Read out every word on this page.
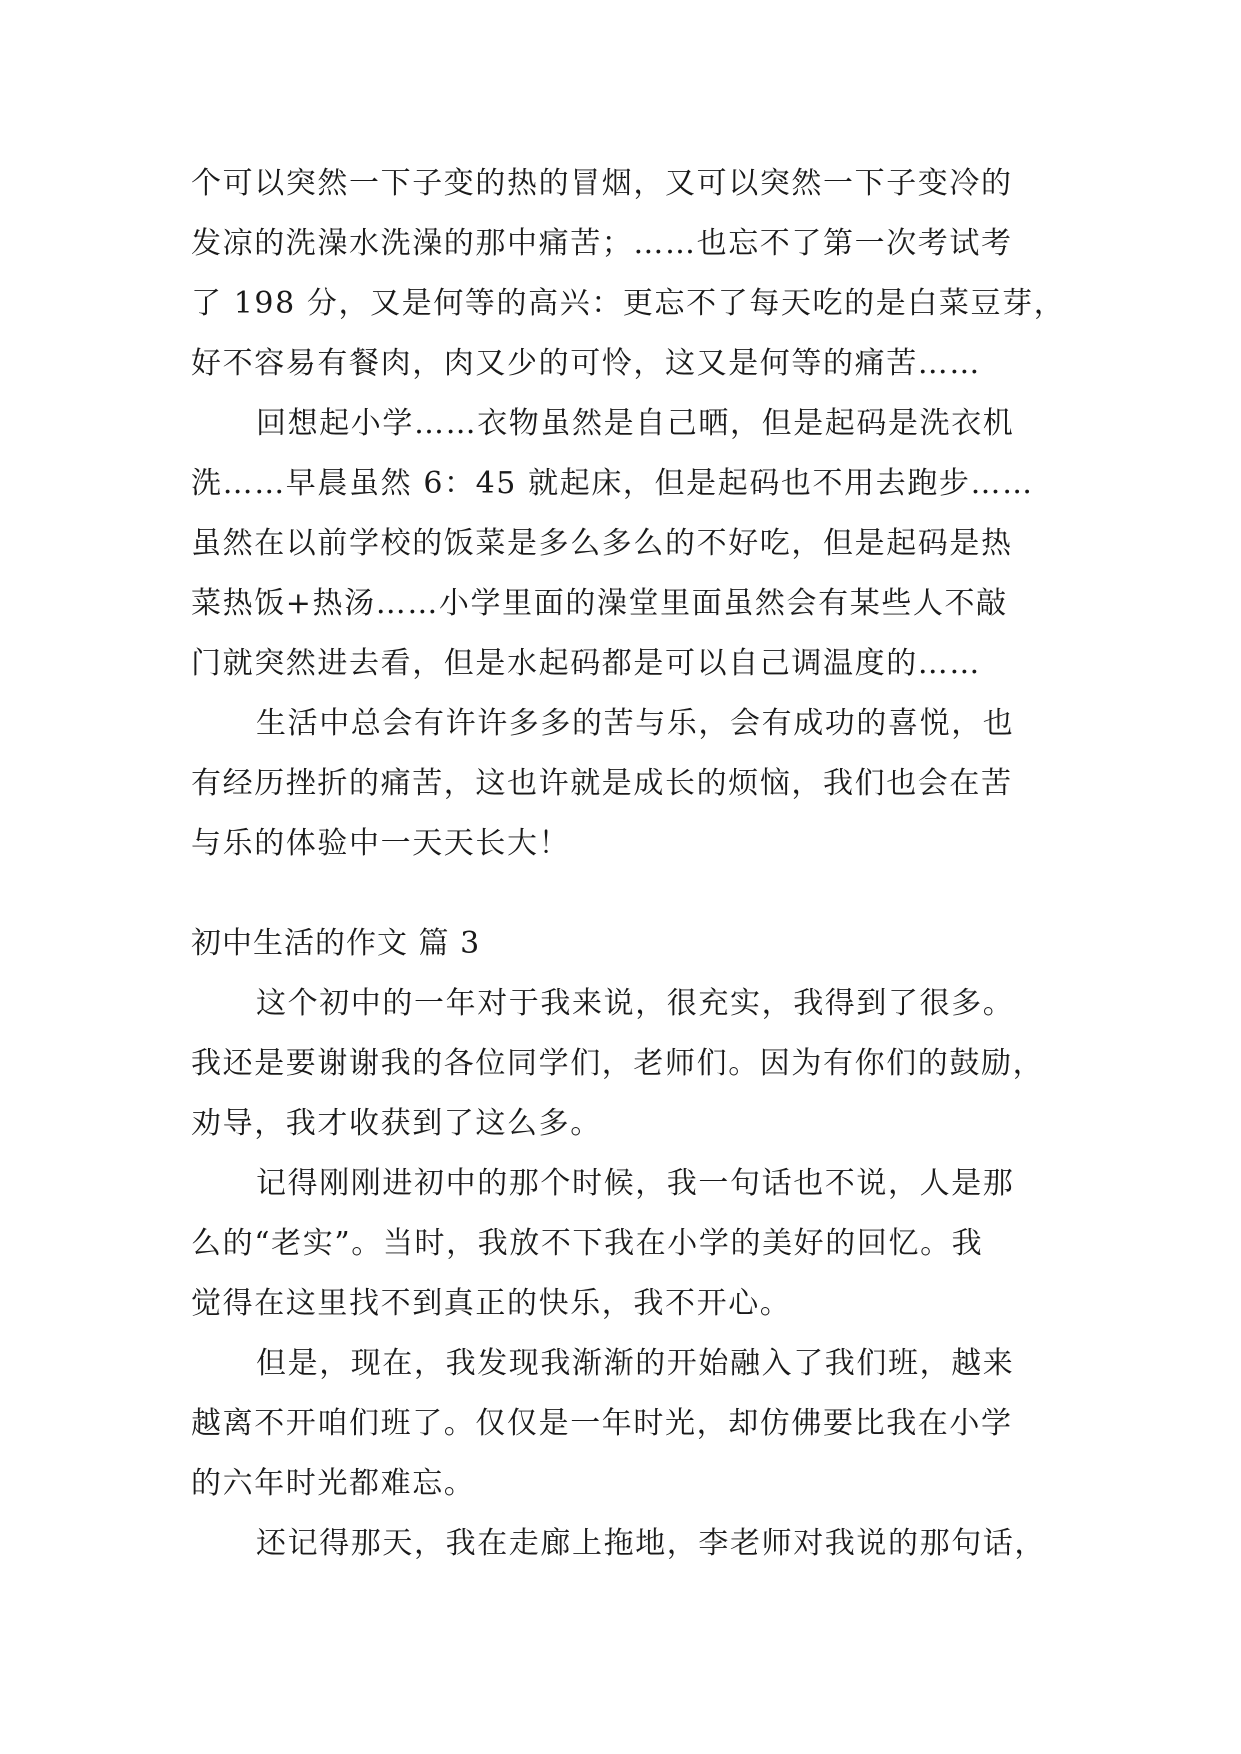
个可以突然一下子变的热的冒烟，又可以突然一下子变冷的
发凉的洗澡水洗澡的那中痛苦；……也忘不了第一次考试考
了 198 分，又是何等的高兴：更忘不了每天吃的是白菜豆芽，
好不容易有餐肉，肉又少的可怜，这又是何等的痛苦……
回想起小学……衣物虽然是自己晒，但是起码是洗衣机
洗……早晨虽然 6：45 就起床，但是起码也不用去跑步……
虽然在以前学校的饭菜是多么多么的不好吃，但是起码是热
菜热饭+热汤……小学里面的澡堂里面虽然会有某些人不敲
门就突然进去看，但是水起码都是可以自己调温度的……
生活中总会有许许多多的苦与乐，会有成功的喜悦，也
有经历挫折的痛苦，这也许就是成长的烦恼，我们也会在苦
与乐的体验中一天天长大！
初中生活的作文 篇 3
这个初中的一年对于我来说，很充实，我得到了很多。
我还是要谢谢我的各位同学们，老师们。因为有你们的鼓励，
劝导，我才收获到了这么多。
记得刚刚进初中的那个时候，我一句话也不说，人是那
么的“老实”。当时，我放不下我在小学的美好的回忆。我
觉得在这里找不到真正的快乐，我不开心。
但是，现在，我发现我渐渐的开始融入了我们班，越来
越离不开咱们班了。仅仅是一年时光，却仿佛要比我在小学
的六年时光都难忘。
还记得那天，我在走廊上拖地，李老师对我说的那句话，
